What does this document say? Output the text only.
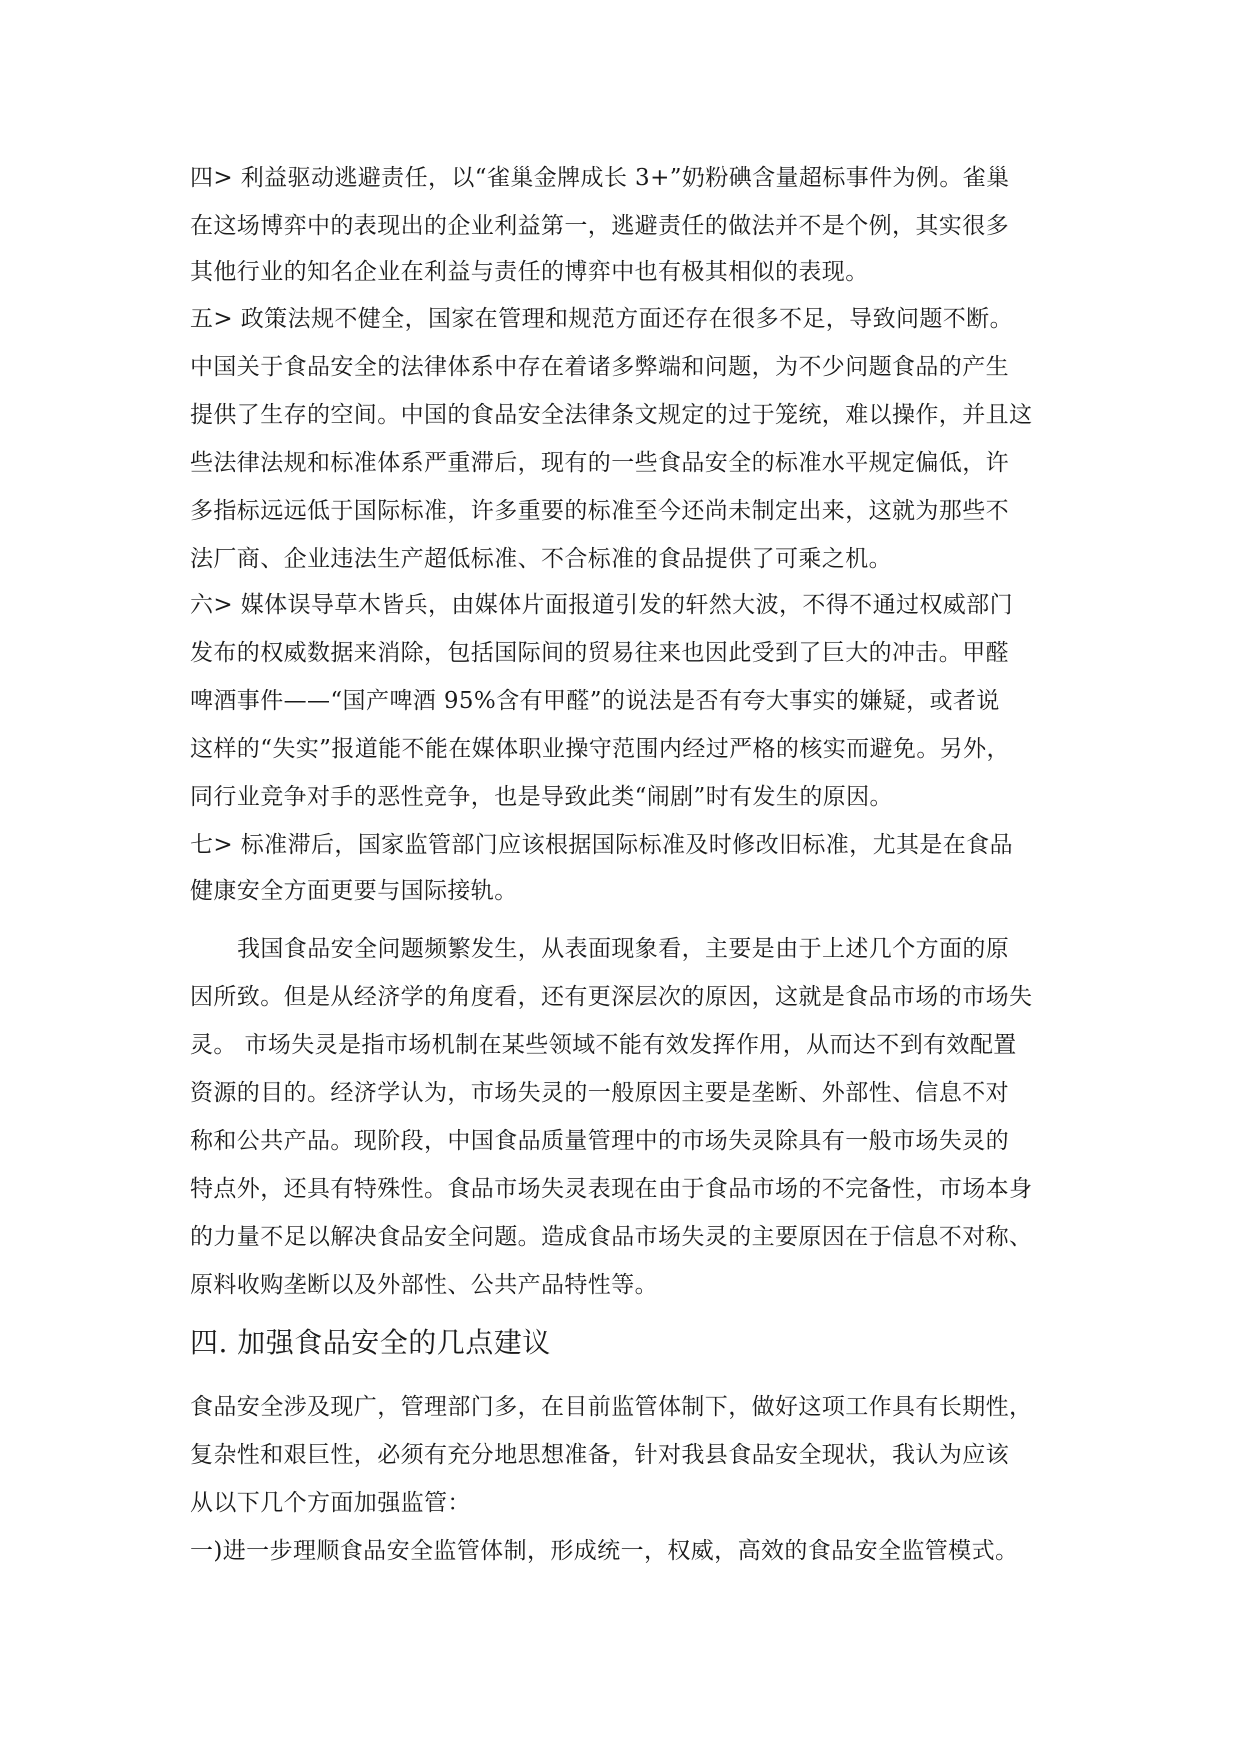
四> 利益驱动逃避责任，以“雀巢金牌成长 3+”奶粉碘含量超标事件为例。雀巢
在这场博弈中的表现出的企业利益第一，逃避责任的做法并不是个例，其实很多
其他行业的知名企业在利益与责任的博弈中也有极其相似的表现。
五> 政策法规不健全，国家在管理和规范方面还存在很多不足，导致问题不断。
中国关于食品安全的法律体系中存在着诸多弊端和问题，为不少问题食品的产生
提供了生存的空间。中国的食品安全法律条文规定的过于笼统，难以操作，并且这
些法律法规和标准体系严重滞后，现有的一些食品安全的标准水平规定偏低，许
多指标远远低于国际标准，许多重要的标准至今还尚未制定出来，这就为那些不
法厂商、企业违法生产超低标准、不合标准的食品提供了可乘之机。
六> 媒体误导草木皆兵，由媒体片面报道引发的轩然大波，不得不通过权威部门
发布的权威数据来消除，包括国际间的贸易往来也因此受到了巨大的冲击。甲醛
啤酒事件——“国产啤酒 95%含有甲醛”的说法是否有夸大事实的嫌疑，或者说
这样的“失实”报道能不能在媒体职业操守范围内经过严格的核实而避免。另外，
同行业竞争对手的恶性竞争，也是导致此类“闹剧”时有发生的原因。
七> 标准滞后，国家监管部门应该根据国际标准及时修改旧标准，尤其是在食品
健康安全方面更要与国际接轨。
我国食品安全问题频繁发生，从表面现象看，主要是由于上述几个方面的原
因所致。但是从经济学的角度看，还有更深层次的原因，这就是食品市场的市场失
灵。 市场失灵是指市场机制在某些领域不能有效发挥作用，从而达不到有效配置
资源的目的。经济学认为，市场失灵的一般原因主要是垄断、外部性、信息不对
称和公共产品。现阶段，中国食品质量管理中的市场失灵除具有一般市场失灵的
特点外，还具有特殊性。食品市场失灵表现在由于食品市场的不完备性，市场本身
的力量不足以解决食品安全问题。造成食品市场失灵的主要原因在于信息不对称、
原料收购垄断以及外部性、公共产品特性等。
四. 加强食品安全的几点建议
食品安全涉及现广，管理部门多，在目前监管体制下，做好这项工作具有长期性，
复杂性和艰巨性，必须有充分地思想准备，针对我县食品安全现状，我认为应该
从以下几个方面加强监管：
一)进一步理顺食品安全监管体制，形成统一，权威，高效的食品安全监管模式。
